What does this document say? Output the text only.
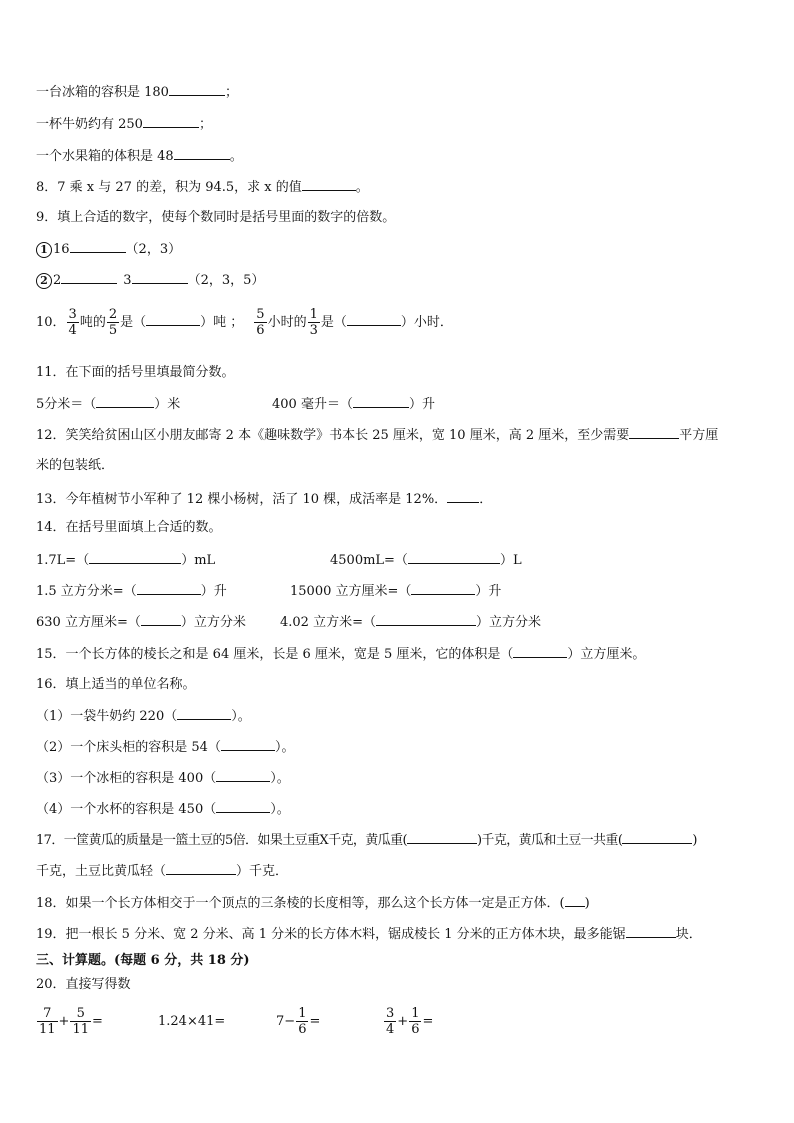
一台冰箱的容积是 180	；
一杯牛奶约有 250	；
一个水果箱的体积是 48	。
8．7 乘 x 与 27 的差，积为 94.5，求 x 的值	。
9．填上合适的数字，使每个数同时是括号里面的数字的倍数。
1 16	（2，3）
2 2	3	（2，3，5）
10． $\frac{3}{4}$ 吨的 $\frac{2}{5}$ 是（	）吨 ； $\frac{5}{6}$ 小时的 $\frac{1}{3}$ 是（	）小时．
11．在下面的括号里填最简分数。
5分米＝（	）米	400 毫升＝（	）升
12．笑笑给贫困山区小朋友邮寄 2 本《趣味数学》书本长 25 厘米，宽 10 厘米，高 2 厘米，至少需要	平方厘
米的包装纸．
13．今年植树节小军种了 12 棵小杨树，活了 10 棵，成活率是 12%． ．
14．在括号里面填上合适的数。
1.7L=（	）mL	4500mL=（	）L
1.5 立方分米=（	）升	15000 立方厘米=（	）升
630 立方厘米=（	）立方分米	4.02 立方米=（	）立方分米
15．一个长方体的棱长之和是 64 厘米，长是 6 厘米，宽是 5 厘米，它的体积是（	）立方厘米。
16．填上适当的单位名称。
（1）一袋牛奶约 220（	）。
（2）一个床头柜的容积是 54（	）。
（3）一个冰柜的容积是 400（	）。
（4）一个水杯的容积是 450（	）。
17．一筐黄瓜的质量是一篮土豆的5倍．如果土豆重X千克，黄瓜重(	)千克，黄瓜和土豆一共重(	)
千克，土豆比黄瓜轻（	）千克．
18．如果一个长方体相交于一个顶点的三条棱的长度相等，那么这个长方体一定是正方体．( )
19．把一根长 5 分米、宽 2 分米、高 1 分米的长方体木料，锯成棱长 1 分米的正方体木块，最多能锯	块．
三、计算题。(每题 6 分，共 18 分)
20．直接写得数
$\frac{7}{11} + \frac{5}{11}$ =	1.24×41=	$7- \frac{1}{6}$ =	$\frac{3}{4} + \frac{1}{6}$ =
